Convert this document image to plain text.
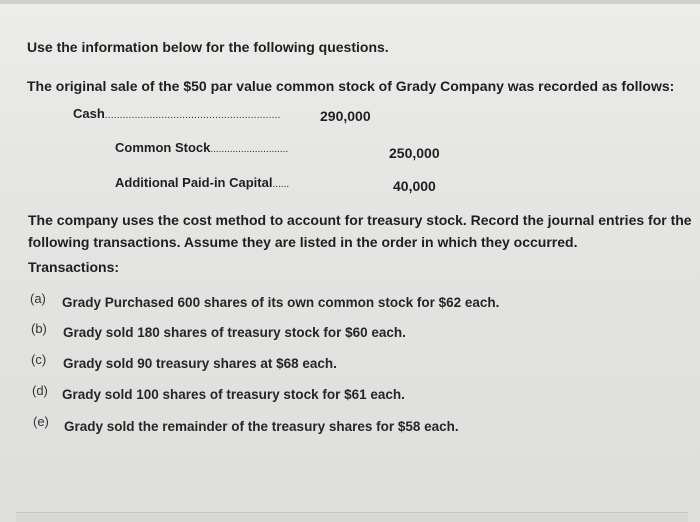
Use the information below for the following questions.
The original sale of the $50 par value common stock of Grady Company was recorded as follows:
Cash...........................................................	290,000
Common Stock............................	250,000
Additional Paid-in Capital......	40,000
The company uses the cost method to account for treasury stock. Record the journal entries for the
following transactions. Assume they are listed in the order in which they occurred.
Transactions:
(a) Grady Purchased 600 shares of its own common stock for $62 each.
(b) Grady sold 180 shares of treasury stock for $60 each.
(c) Grady sold 90 treasury shares at $68 each.
(d) Grady sold 100 shares of treasury stock for $61 each.
(e) Grady sold the remainder of the treasury shares for $58 each.
